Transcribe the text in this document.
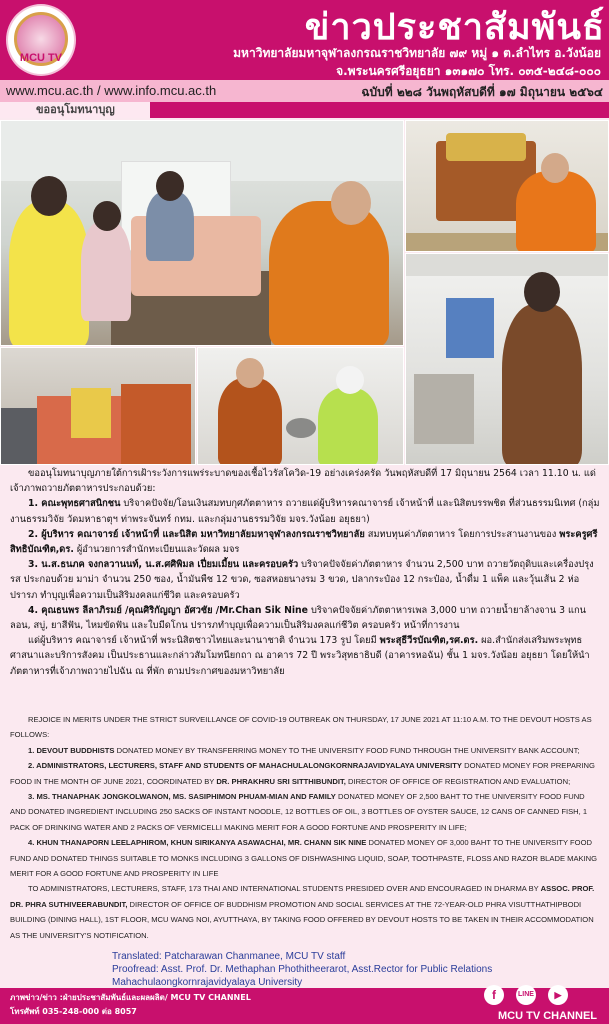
MCU TV
ข่าวประชาสัมพันธ์
มหาวิทยาลัยมหาจุฬาลงกรณราชวิทยาลัย ๗๙ หมู่ ๑ ต.ลำไทร อ.วังน้อย
จ.พระนครศรีอยุธยา ๑๓๑๗๐ โทร. ๐๓๕-๒๔๘-๐๐๐
www.mcu.ac.th / www.info.mcu.ac.th	ฉบับที่ ๒๒๘ วันพฤหัสบดีที่ ๑๗ มิถุนายน ๒๕๖๔
ขออนุโมทนาบุญ

ขออนุโมทนาบุญภายใต้การเฝ้าระวังการแพร่ระบาดของเชื้อไวรัสโควิด-19 อย่างเคร่งครัด วันพฤหัสบดีที่ 17 มิถุนายน 2564 เวลา 11.10 น. แด่เจ้าภาพถวายภัตตาหารประกอบด้วย:

1. คณะพุทธศาสนิกชน บริจาคปัจจัย/โอนเงินสมทบกุศภัตตาหาร ถวายแด่ผู้บริหารคณาจารย์ เจ้าหน้าที่ และนิสิตบรรพชิต ที่ส่วนธรรมนิเทศ (กลุ่มงานธรรมวิจัย วัดมหาธาตุฯ ท่าพระจันทร์ กทม. และกลุ่มงานธรรมวิจัย มจร.วังน้อย อยุธยา)

2. ผู้บริหาร คณาจารย์ เจ้าหน้าที่ และนิสิต มหาวิทยาลัยมหาจุฬาลงกรณราชวิทยาลัย สมทบทุนค่าภัตตาหาร โดยการประสานงานของ พระครูศรีสิทธิบัณฑิต,ดร. ผู้อำนวยการสำนักทะเบียนและวัดผล มจร

3. น.ส.ธนภค จงกลวานนท์, น.ส.ศศิพิมล เปี่ยมเมี้ยน และครอบครัว บริจาคปัจจัยค่าภัตตาหาร จำนวน 2,500 บาท ถวายวัตถุดิบและเครื่องปรุงรส ประกอบด้วย มาม่า จำนวน 250 ซอง, น้ำมันพืช 12 ขวด, ซอสหอยนางรม 3 ขวด, ปลากระป๋อง 12 กระป๋อง, น้ำดื่ม 1 แพ็ค และวุ้นเส้น 2 ห่อ ปรารภ ทำบุญเพื่อความเป็นสิริมงคลแก่ชีวิต และครอบครัว

4. คุณธนพร ลีลาภิรมย์ /คุณศิริกัญญา อัศวชัย /Mr.Chan Sik Nine บริจาคปัจจัยค่าภัตตาหารเพล 3,000 บาท ถวายน้ำยาล้างจาน 3 แกนลอน, สบู่, ยาสีฟัน, ไหมขัดฟัน และใบมีดโกน ปรารภทำบุญเพื่อความเป็นสิริมงคลแก่ชีวิต ครอบครัว หน้าที่การงาน

แด่ผู้บริหาร คณาจารย์ เจ้าหน้าที่ พระนิสิตชาวไทยและนานาชาติ จำนวน 173 รูป โดยมี พระสุธีวีรบัณฑิต,รศ.ดร. ผอ.สำนักส่งเสริมพระพุทธศาสนาและบริการสังคม เป็นประธานและกล่าวสัมโมทนียกถา ณ อาคาร 72 ปี พระวิสุทธาธิบดี (อาคารหอฉัน) ชั้น 1 มจร.วังน้อย อยุธยา โดยให้นำภัตตาหารที่เจ้าภาพถวายไปฉัน ณ ที่พัก ตามประกาศของมหาวิทยาลัย

REJOICE IN MERITS UNDER THE STRICT SURVEILLANCE OF COVID-19 OUTBREAK ON THURSDAY, 17 JUNE 2021 AT 11:10 A.M. TO THE DEVOUT HOSTS AS FOLLOWS:

1. DEVOUT BUDDHISTS DONATED MONEY BY TRANSFERRING MONEY TO THE UNIVERSITY FOOD FUND THROUGH THE UNIVERSITY BANK ACCOUNT;

2. ADMINISTRATORS, LECTURERS, STAFF AND STUDENTS OF MAHACHULALONGKORNRAJAVIDYALAYA UNIVERSITY DONATED MONEY FOR PREPARING FOOD IN THE MONTH OF JUNE 2021, COORDINATED BY DR. PHRAKHRU SRI SITTHIBUNDIT, DIRECTOR OF OFFICE OF REGISTRATION AND EVALUATION;

3. MS. THANAPHAK JONGKOLWANON, MS. SASIPHIMON PHUAM-MIAN AND FAMILY DONATED MONEY OF 2,500 BAHT TO THE UNIVERSITY FOOD FUND AND DONATED INGREDIENT INCLUDING 250 SACKS OF INSTANT NOODLE, 12 BOTTLES OF OIL, 3 BOTTLES OF OYSTER SAUCE, 12 CANS OF CANNED FISH, 1 PACK OF DRINKING WATER AND 2 PACKS OF VERMICELLI MAKING MERIT FOR A GOOD FORTUNE AND PROSPERITY IN LIFE;

4. KHUN THANAPORN LEELAPHIROM, KHUN SIRIKANYA ASAWACHAI, MR. CHANN SIK NINE DONATED MONEY OF 3,000 BAHT TO THE UNIVERSITY FOOD FUND AND DONATED THINGS SUITABLE TO MONKS INCLUDING 3 GALLONS OF DISHWASHING LIQUID, SOAP, TOOTHPASTE, FLOSS AND RAZOR BLADE MAKING MERIT FOR A GOOD FORTUNE AND PROSPERITY IN LIFE

TO ADMINISTRATORS, LECTURERS, STAFF, 173 THAI AND INTERNATIONAL STUDENTS PRESIDED OVER AND ENCOURAGED IN DHARMA BY ASSOC. PROF. DR. PHRA SUTHIVEERABUNDIT, DIRECTOR OF OFFICE OF BUDDHISM PROMOTION AND SOCIAL SERVICES AT THE 72-YEAR-OLD PHRA VISUTTHATHIPBODI BUILDING (DINING HALL), 1ST FLOOR, MCU WANG NOI, AYUTTHAYA, BY TAKING FOOD OFFERED BY DEVOUT HOSTS TO BE TAKEN IN THEIR ACCOMMODATION AS THE UNIVERSITY'S NOTIFICATION.

Translated: Patcharawan Chanmanee, MCU TV staff
Proofread: Asst. Prof. Dr. Methaphan Phothitheerarot, Asst.Rector for Public Relations
Mahachulaongkornrajavidyalaya University
ภาพข่าว/ข่าว :ฝ่ายประชาสัมพันธ์และผลผลิต/ MCU TV CHANNEL
โทรศัพท์ 035-248-000 ต่อ 8057
f	LINE	▶
MCU TV CHANNEL
